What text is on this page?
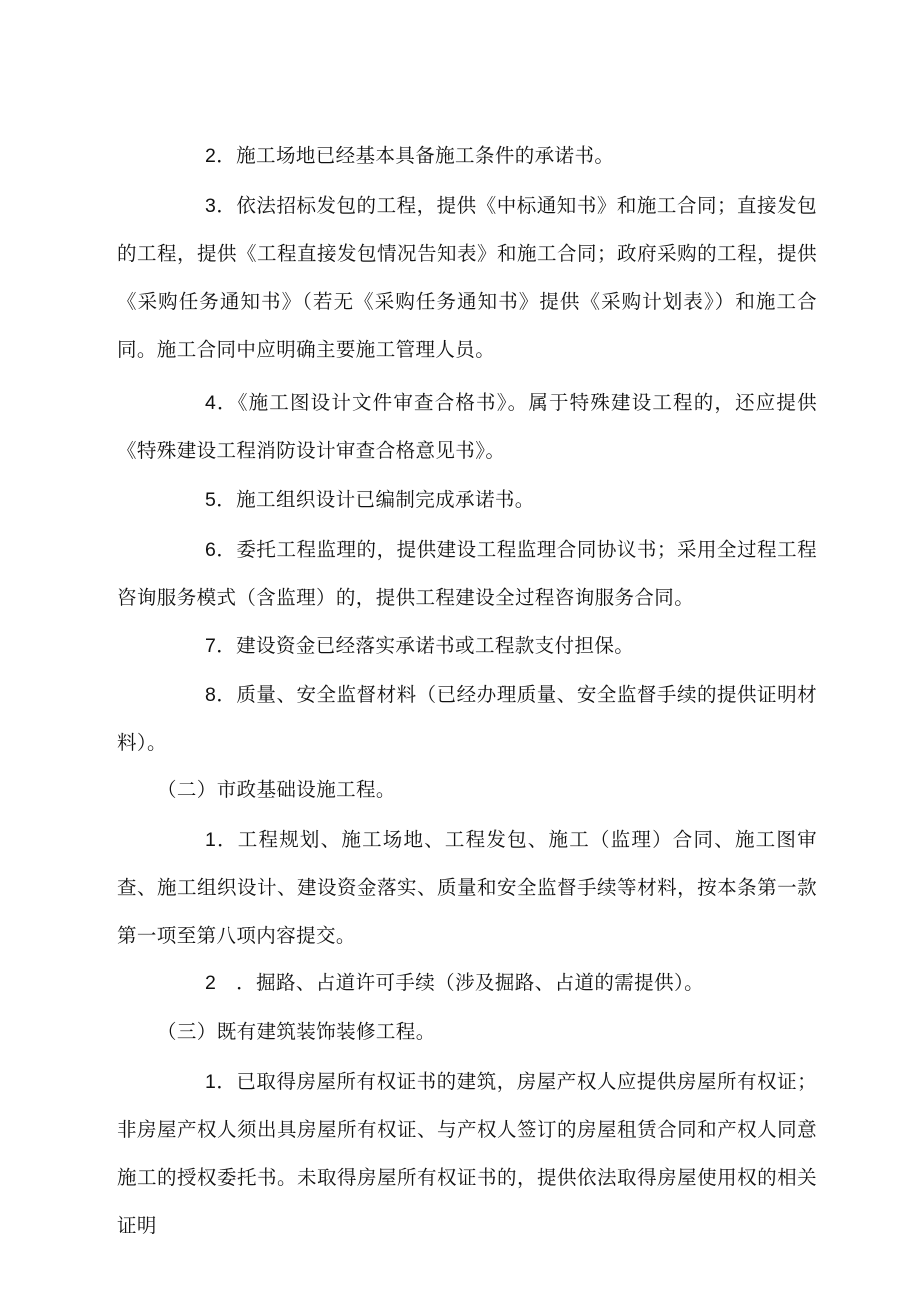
2．施工场地已经基本具备施工条件的承诺书。

3．依法招标发包的工程，提供《中标通知书》和施工合同；直接发包的工程，提供《工程直接发包情况告知表》和施工合同；政府采购的工程，提供《采购任务通知书》（若无《采购任务通知书》提供《采购计划表》）和施工合同。施工合同中应明确主要施工管理人员。

4．《施工图设计文件审查合格书》。属于特殊建设工程的，还应提供《特殊建设工程消防设计审查合格意见书》。

5．施工组织设计已编制完成承诺书。

6．委托工程监理的，提供建设工程监理合同协议书；采用全过程工程咨询服务模式（含监理）的，提供工程建设全过程咨询服务合同。

7．建设资金已经落实承诺书或工程款支付担保。

8．质量、安全监督材料（已经办理质量、安全监督手续的提供证明材料）。

（二）市政基础设施工程。

1．工程规划、施工场地、工程发包、施工（监理）合同、施工图审查、施工组织设计、建设资金落实、质量和安全监督手续等材料，按本条第一款第一项至第八项内容提交。

2　．掘路、占道许可手续（涉及掘路、占道的需提供）。

（三）既有建筑装饰装修工程。

1．已取得房屋所有权证书的建筑，房屋产权人应提供房屋所有权证；非房屋产权人须出具房屋所有权证、与产权人签订的房屋租赁合同和产权人同意施工的授权委托书。未取得房屋所有权证书的，提供依法取得房屋使用权的相关证明
